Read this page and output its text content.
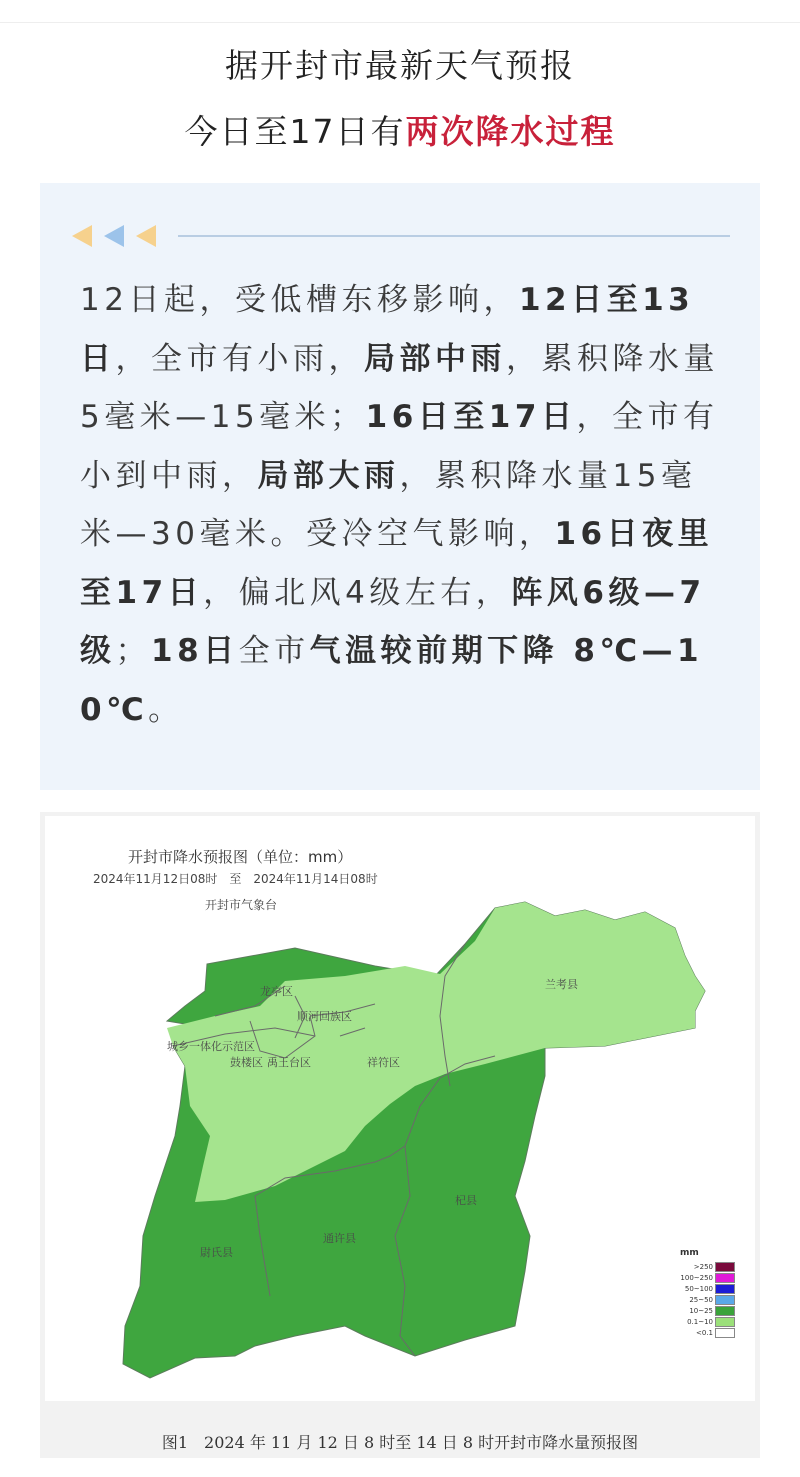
据开封市最新天气预报
今日至17日有两次降水过程
12日起，受低槽东移影响，12日至13日，全市有小雨，局部中雨，累积降水量5毫米—15毫米；16日至17日，全市有小到中雨，局部大雨，累积降水量15毫米—30毫米。受冷空气影响，16日夜里至17日，偏北风4级左右，阵风6级—7级；18日全市气温较前期下降 8℃—10℃。
开封市降水预报图（单位：mm）
2024年11月12日08时　至　2024年11月14日08时
开封市气象台
龙亭区
顺河回族区
城乡一体化示范区
鼓楼区 禹王台区	祥符区
兰考县
杞县
尉氏县
通许县
mm
>250
100~250
50~100
25~50
10~25
0.1~10
<0.1
图1　2024 年 11 月 12 日 8 时至 14 日 8 时开封市降水量预报图
